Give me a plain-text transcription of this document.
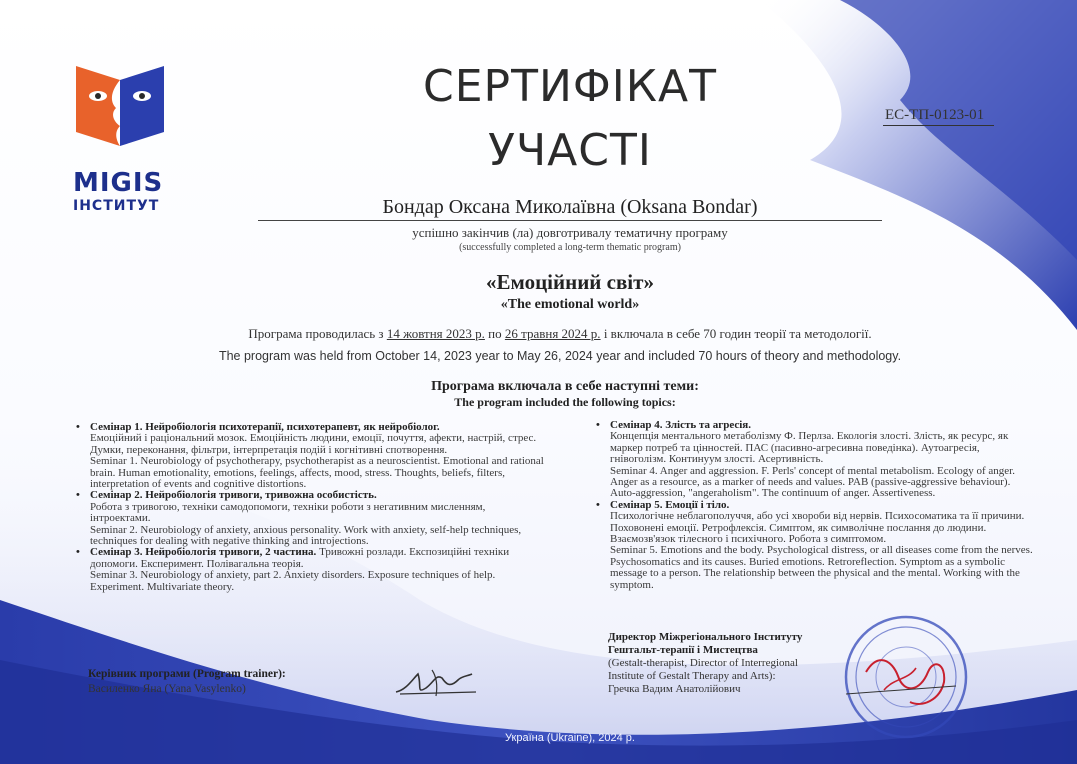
MIGIS
ІНСТИТУТ
СЕРТИФІКАТ
УЧАСТІ
ЕС-ТП-0123-01
Бондар Оксана Миколаївна (Oksana Bondar)
успішно закінчив (ла) довготривалу тематичну програму
(successfully completed a long-term thematic program)
«Емоційний світ»
«The emotional world»
Програма проводилась з 14 жовтня 2023 р. по 26 травня 2024 р. і включала в себе 70 годин теорії та методології.
The program was held from October 14, 2023 year to May 26, 2024 year and included 70 hours of theory and methodology.
Програма включала в себе наступні теми:
The program included the following topics:
• Семінар 1. Нейробіологія психотерапії, психотерапевт, як нейробіолог.

Емоційний і раціональний мозок. Емоційність людини, емоції, почуття, афекти, настрій, стрес. Думки, переконання, фільтри, інтерпретація подій і когнітивні спотворення.

Seminar 1. Neurobiology of psychotherapy, psychotherapist as a neuroscientist. Emotional and rational brain. Human emotionality, emotions, feelings, affects, mood, stress. Thoughts, beliefs, filters, interpretation of events and cognitive distortions.

• Семінар 2. Нейробіологія тривоги, тривожна особистість.

Робота з тривогою, техніки самодопомоги, техніки роботи з негативним мисленням, інтроектами.

Seminar 2. Neurobiology of anxiety, anxious personality. Work with anxiety, self-help techniques, techniques for dealing with negative thinking and introjections.

• Семінар 3. Нейробіологія тривоги, 2 частина. Тривожні розлади. Експозиційні техніки допомоги. Експеримент. Полівагальна теорія.

Seminar 3. Neurobiology of anxiety, part 2. Anxiety disorders. Exposure techniques of help. Experiment. Multivariate theory.

• Семінар 4. Злість та агресія.

Концепція ментального метаболізму Ф. Перлза. Екологія злості. Злість, як ресурс, як маркер потреб та цінностей. ПАС (пасивно-агресивна поведінка). Аутоагресія, гнівоголізм. Континуум злості. Асертивність.

Seminar 4. Anger and aggression. F. Perls' concept of mental metabolism. Ecology of anger. Anger as a resource, as a marker of needs and values. PAB (passive-aggressive behaviour). Auto-aggression, "angeraholism". The continuum of anger. Assertiveness.

• Семінар 5. Емоції і тіло.

Психологічне неблагополуччя, або усі хвороби від нервів. Психосоматика та її причини. Поховонені емоції. Ретрофлексія. Симптом, як символічне послання до людини. Взаємозв'язок тілесного і психічного. Робота з симптомом.

Seminar 5. Emotions and the body. Psychological distress, or all diseases come from the nerves. Psychosomatics and its causes. Buried emotions. Retroreflection. Symptom as a symbolic message to a person. The relationship between the physical and the mental. Working with the symptom.

Директор Міжрегіонального Інституту
Гештальт-терапії і Мистецтва
(Gestalt-therapist, Director of Interregional
Institute of Gestalt Therapy and Arts):
Гречка Вадим Анатолійович
Керівник програми (Program trainer):
Василенко Яна (Yana Vasylenko)
Україна (Ukraine), 2024 р.
